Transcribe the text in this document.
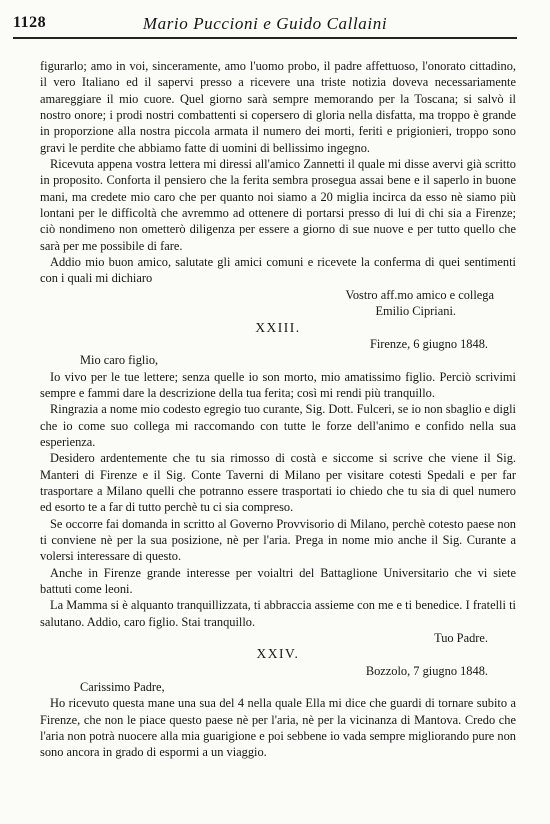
1128	Mario Puccioni e Guido Callaini

figurarlo; amo in voi, sinceramente, amo l'uomo probo, il padre affettuoso, l'onorato cittadino, il vero Italiano ed il sapervi presso a ricevere una triste notizia doveva necessariamente amareggiare il mio cuore. Quel giorno sarà sempre memorando per la Toscana; si salvò il nostro onore; i prodi nostri combattenti si copersero di gloria nella disfatta, ma troppo è grande in proporzione alla nostra piccola armata il numero dei morti, feriti e prigionieri, troppo sono gravi le perdite che abbiamo fatte di uomini di bellissimo ingegno.

Ricevuta appena vostra lettera mi diressi all'amico Zannetti il quale mi disse avervi già scritto in proposito. Conforta il pensiero che la ferita sembra prosegua assai bene e il saperlo in buone mani, ma credete mio caro che per quanto noi siamo a 20 miglia incirca da esso nè siamo più lontani per le difficoltà che avremmo ad ottenere di portarsi presso di lui di chi sia a Firenze; ciò nondimeno non ometterò diligenza per essere a giorno di sue nuove e per tutto quello che sarà per me possibile di fare.

Addio mio buon amico, salutate gli amici comuni e ricevete la conferma di quei sentimenti con i quali mi dichiaro

Vostro aff.mo amico e collega

Emilio Cipriani.

XXIII.

Firenze, 6 giugno 1848.

Mio caro figlio,

Io vivo per le tue lettere; senza quelle io son morto, mio amatissimo figlio. Perciò scrivimi sempre e fammi dare la descrizione della tua ferita; così mi rendi più tranquillo.

Ringrazia a nome mio codesto egregio tuo curante, Sig. Dott. Fulceri, se io non sbaglio e digli che io come suo collega mi raccomando con tutte le forze dell'animo e confido nella sua esperienza.

Desidero ardentemente che tu sia rimosso di costà e siccome si scrive che viene il Sig. Manteri di Firenze e il Sig. Conte Taverni di Milano per visitare cotesti Spedali e per far trasportare a Milano quelli che potranno essere trasportati io chiedo che tu sia di quel numero ed esorto te a far di tutto perchè tu ci sia compreso.

Se occorre fai domanda in scritto al Governo Provvisorio di Milano, perchè cotesto paese non ti conviene nè per la sua posizione, nè per l'aria. Prega in nome mio anche il Sig. Curante a volersi interessare di questo.

Anche in Firenze grande interesse per voialtri del Battaglione Universitario che vi siete battuti come leoni.

La Mamma si è alquanto tranquillizzata, ti abbraccia assieme con me e ti benedice. I fratelli ti salutano. Addio, caro figlio. Stai tranquillo.

Tuo Padre.

XXIV.

Bozzolo, 7 giugno 1848.

Carissimo Padre,

Ho ricevuto questa mane una sua del 4 nella quale Ella mi dice che guardi di tornare subito a Firenze, che non le piace questo paese nè per l'aria, nè per la vicinanza di Mantova. Credo che l'aria non potrà nuocere alla mia guarigione e poi sebbene io vada sempre migliorando pure non sono ancora in grado di espormi a un viaggio.
